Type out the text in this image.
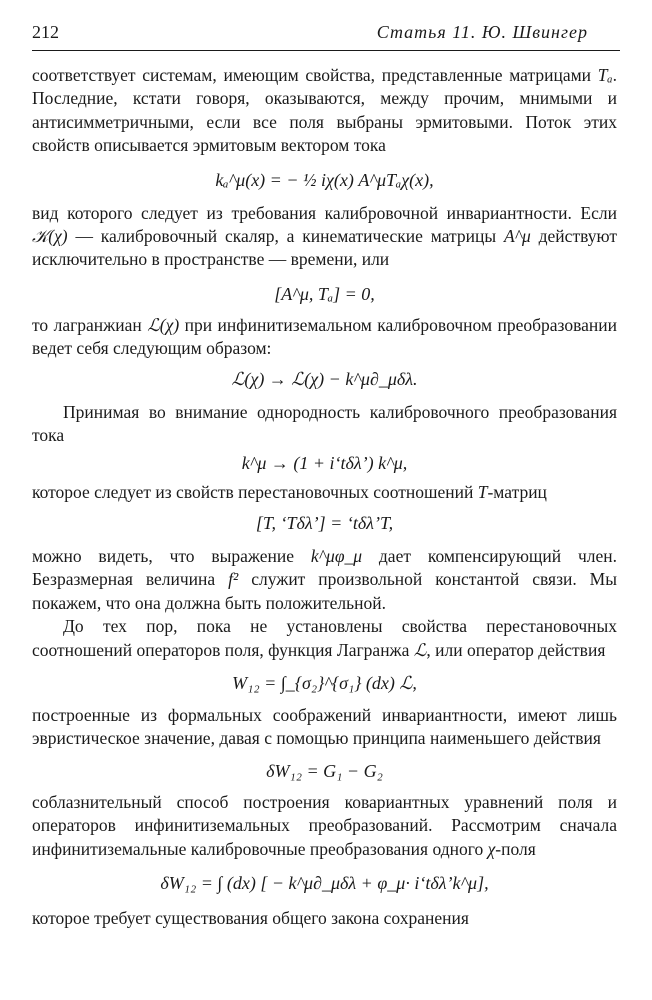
212	Статья 11. Ю. Швингер

соответствует системам, имеющим свойства, представленные матрицами Tₐ. Последние, кстати говоря, оказываются, между прочим, мнимыми и антисимметричными, если все поля выбраны эрмитовыми. Поток этих свойств описывается эрмитовым вектором тока

kₐ^μ(x) = − ½ iχ(x) A^μTₐχ(x),

вид которого следует из требования калибровочной инвариантности. Если 𝒦(χ) — калибровочный скаляр, а кинематические матрицы A^μ действуют исключительно в пространстве — времени, или

[A^μ, Tₐ] = 0,

то лагранжиан ℒ(χ) при инфинитиземальном калибровочном преобразовании ведет себя следующим образом:

ℒ(χ) → ℒ(χ) − k^μ∂_μδλ.

Принимая во внимание однородность калибровочного преобразования тока

k^μ → (1 + i‘tδλ’) k^μ,

которое следует из свойств перестановочных соотношений T-матриц

[T, ‘Tδλ’] = ‘tδλ’T,

можно видеть, что выражение k^μφ_μ дает компенсирующий член. Безразмерная величина f² служит произвольной константой связи. Мы покажем, что она должна быть положительной.

До тех пор, пока не установлены свойства перестановочных соотношений операторов поля, функция Лагранжа ℒ, или оператор действия

W₁₂ = ∫_{σ₂}^{σ₁} (dx) ℒ,

построенные из формальных соображений инвариантности, имеют лишь эвристическое значение, давая с помощью принципа наименьшего действия

δW₁₂ = G₁ − G₂

соблазнительный способ построения ковариантных уравнений поля и операторов инфинитиземальных преобразований. Рассмотрим сначала инфинитиземальные калибровочные преобразования одного χ-поля

δW₁₂ = ∫ (dx) [ − k^μ∂_μδλ + φ_μ· i‘tδλ’k^μ],

которое требует существования общего закона сохранения
